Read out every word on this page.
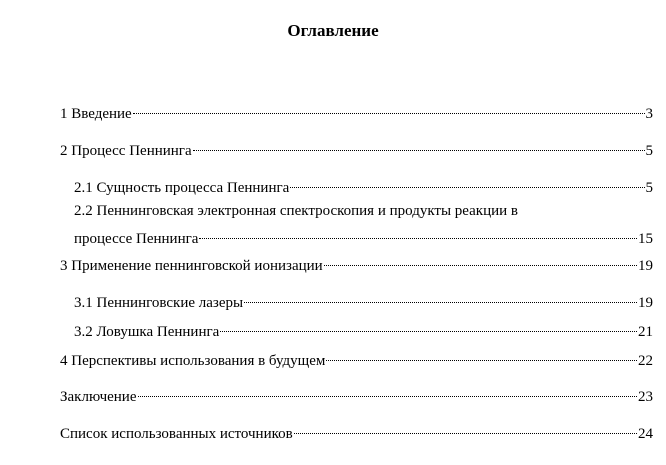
Оглавление
1 Введение	3
2 Процесс Пеннинга	5
2.1 Сущность процесса Пеннинга	5
2.2 Пеннинговская электронная спектроскопия и продукты реакции в
процессе Пеннинга	15
3 Применение пеннинговской ионизации	19
3.1 Пеннинговские лазеры	19
3.2 Ловушка Пеннинга	21
4 Перспективы использования в будущем	22
Заключение	23
Список использованных источников	24
